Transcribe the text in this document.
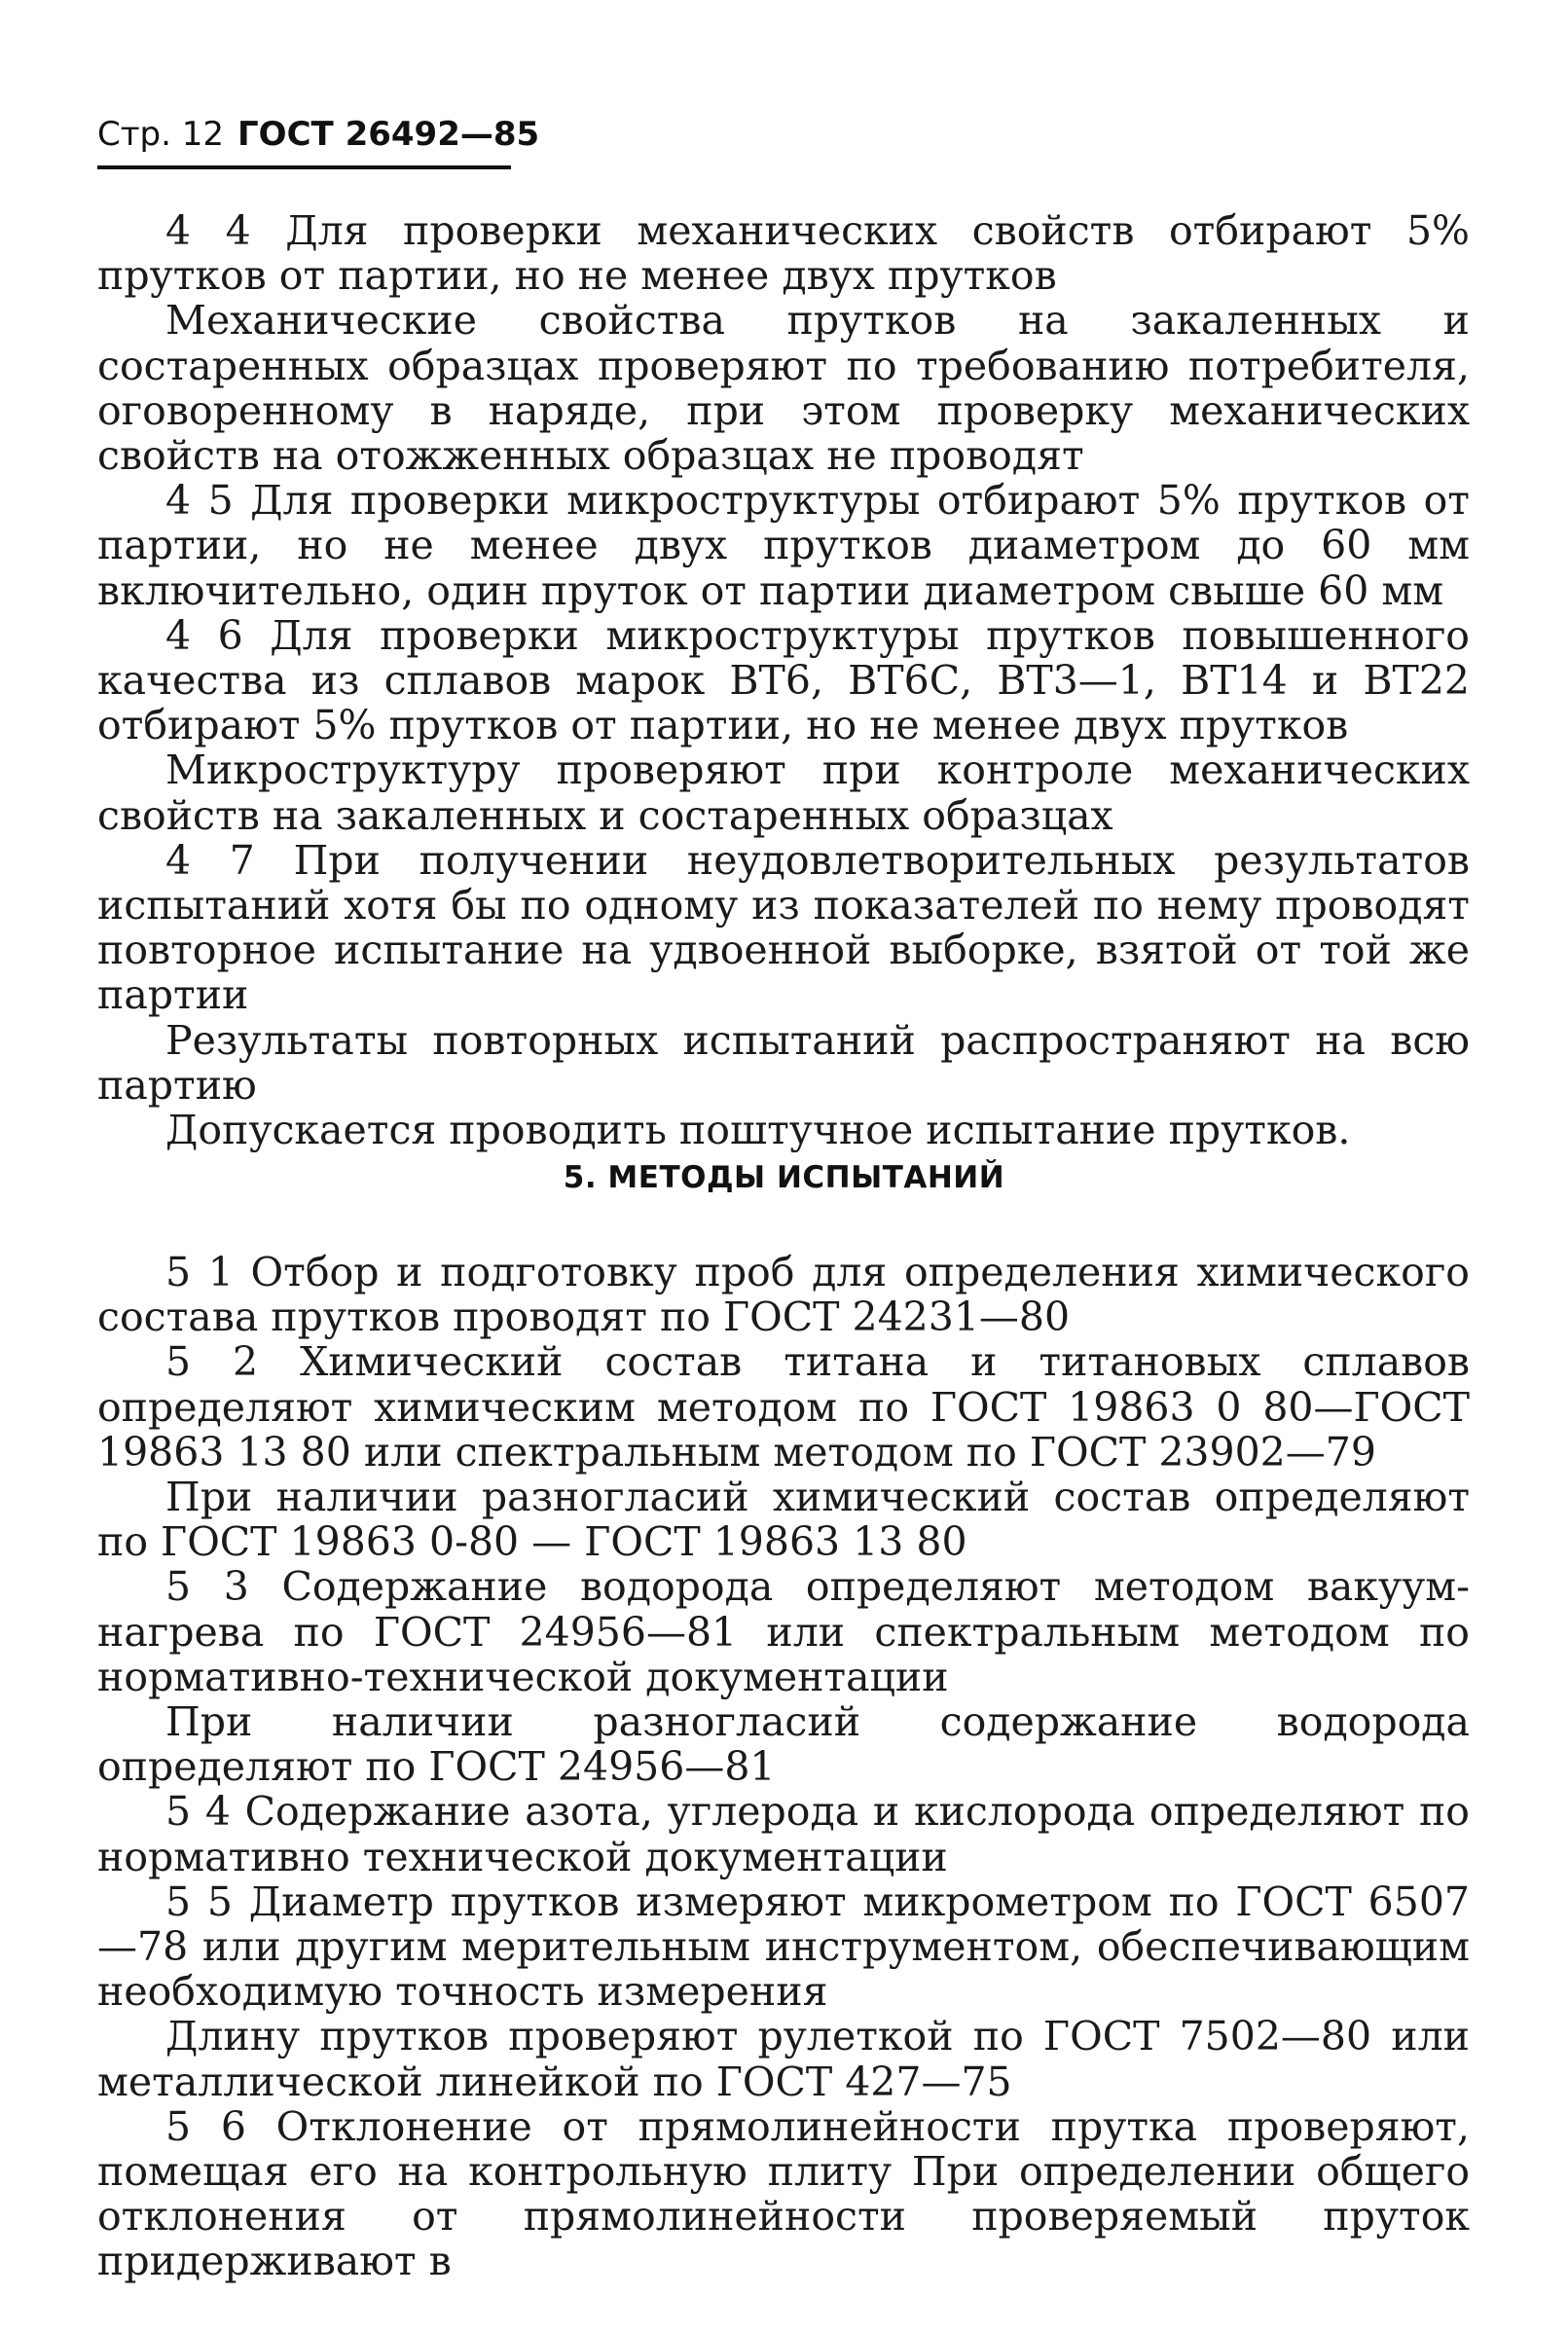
Стр. 12 ГОСТ 26492—85

4 4 Для проверки механических свойств отбирают 5% прутков от партии, но не менее двух прутков

Механические свойства прутков на закаленных и состаренных образцах проверяют по требованию потребителя, оговоренному в наряде, при этом проверку механических свойств на отожженных образцах не проводят

4 5 Для проверки микроструктуры отбирают 5% прутков от партии, но не менее двух прутков диаметром до 60 мм включительно, один пруток от партии диаметром свыше 60 мм

4 6 Для проверки микроструктуры прутков повышенного качества из сплавов марок ВТ6, ВТ6С, ВТ3—1, ВТ14 и ВТ22 отбирают 5% прутков от партии, но не менее двух прутков

Микроструктуру проверяют при контроле механических свойств на закаленных и состаренных образцах

4 7 При получении неудовлетворительных результатов испытаний хотя бы по одному из показателей по нему проводят повторное испытание на удвоенной выборке, взятой от той же партии

Результаты повторных испытаний распространяют на всю партию

Допускается проводить поштучное испытание прутков.

5. МЕТОДЫ ИСПЫТАНИЙ

5 1 Отбор и подготовку проб для определения химического состава прутков проводят по ГОСТ 24231—80

5 2 Химический состав титана и титановых сплавов определяют химическим методом по ГОСТ 19863 0 80—ГОСТ 19863 13 80 или спектральным методом по ГОСТ 23902—79

При наличии разногласий химический состав определяют по ГОСТ 19863 0-80 — ГОСТ 19863 13 80

5 3 Содержание водорода определяют методом вакуум-нагрева по ГОСТ 24956—81 или спектральным методом по нормативно-технической документации

При наличии разногласий содержание водорода определяют по ГОСТ 24956—81

5 4 Содержание азота, углерода и кислорода определяют по нормативно технической документации

5 5 Диаметр прутков измеряют микрометром по ГОСТ 6507—78 или другим мерительным инструментом, обеспечивающим необходимую точность измерения

Длину прутков проверяют рулеткой по ГОСТ 7502—80 или металлической линейкой по ГОСТ 427—75

5 6 Отклонение от прямолинейности прутка проверяют, помещая его на контрольную плиту При определении общего отклонения от прямолинейности проверяемый пруток придерживают в
